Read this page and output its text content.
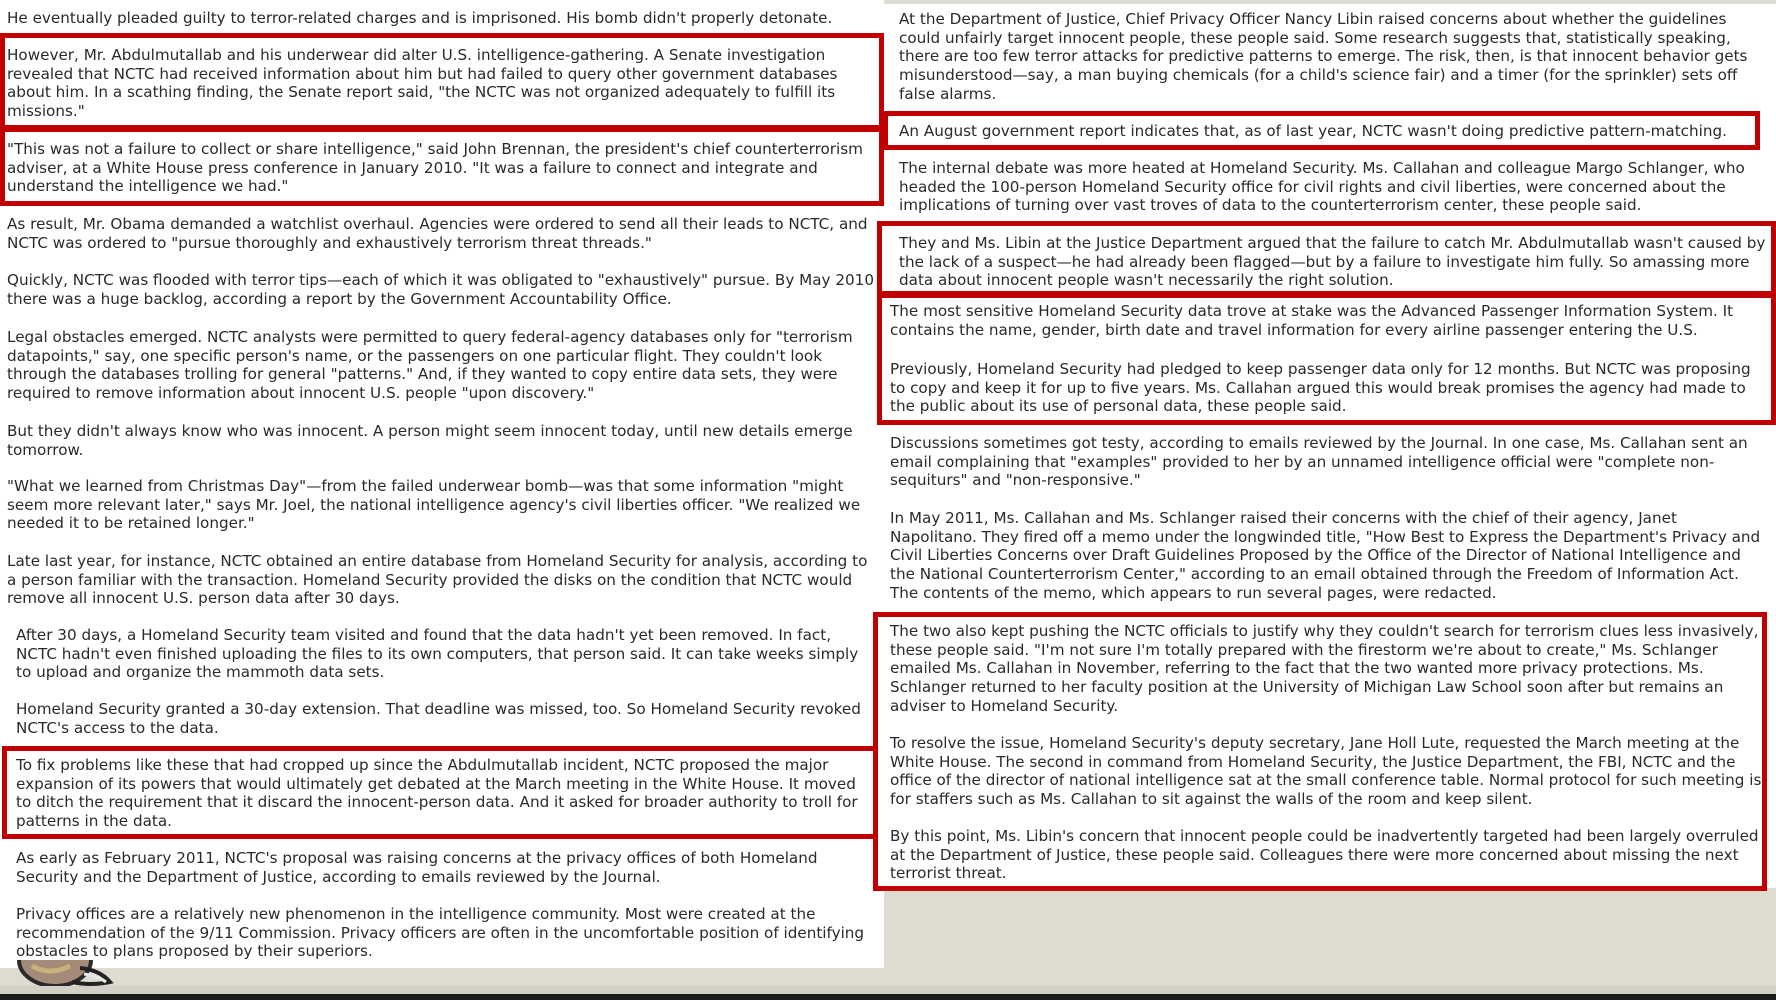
He eventually pleaded guilty to terror-related charges and is imprisoned. His bomb didn't properly detonate.

However, Mr. Abdulmutallab and his underwear did alter U.S. intelligence-gathering. A Senate investigation revealed that NCTC had received information about him but had failed to query other government databases about him. In a scathing finding, the Senate report said, "the NCTC was not organized adequately to fulfill its missions."

"This was not a failure to collect or share intelligence," said John Brennan, the president's chief counterterrorism adviser, at a White House press conference in January 2010. "It was a failure to connect and integrate and understand the intelligence we had."

As result, Mr. Obama demanded a watchlist overhaul. Agencies were ordered to send all their leads to NCTC, and NCTC was ordered to "pursue thoroughly and exhaustively terrorism threat threads."

Quickly, NCTC was flooded with terror tips—each of which it was obligated to "exhaustively" pursue. By May 2010 there was a huge backlog, according a report by the Government Accountability Office.

Legal obstacles emerged. NCTC analysts were permitted to query federal-agency databases only for "terrorism datapoints," say, one specific person's name, or the passengers on one particular flight. They couldn't look through the databases trolling for general "patterns." And, if they wanted to copy entire data sets, they were required to remove information about innocent U.S. people "upon discovery."

But they didn't always know who was innocent. A person might seem innocent today, until new details emerge tomorrow.

"What we learned from Christmas Day"—from the failed underwear bomb—was that some information "might seem more relevant later," says Mr. Joel, the national intelligence agency's civil liberties officer. "We realized we needed it to be retained longer."

Late last year, for instance, NCTC obtained an entire database from Homeland Security for analysis, according to a person familiar with the transaction. Homeland Security provided the disks on the condition that NCTC would remove all innocent U.S. person data after 30 days.

After 30 days, a Homeland Security team visited and found that the data hadn't yet been removed. In fact, NCTC hadn't even finished uploading the files to its own computers, that person said. It can take weeks simply to upload and organize the mammoth data sets.

Homeland Security granted a 30-day extension. That deadline was missed, too. So Homeland Security revoked NCTC's access to the data.

To fix problems like these that had cropped up since the Abdulmutallab incident, NCTC proposed the major expansion of its powers that would ultimately get debated at the March meeting in the White House. It moved to ditch the requirement that it discard the innocent-person data. And it asked for broader authority to troll for patterns in the data.

As early as February 2011, NCTC's proposal was raising concerns at the privacy offices of both Homeland Security and the Department of Justice, according to emails reviewed by the Journal.

Privacy offices are a relatively new phenomenon in the intelligence community. Most were created at the recommendation of the 9/11 Commission. Privacy officers are often in the uncomfortable position of identifying obstacles to plans proposed by their superiors.

At the Department of Justice, Chief Privacy Officer Nancy Libin raised concerns about whether the guidelines could unfairly target innocent people, these people said. Some research suggests that, statistically speaking, there are too few terror attacks for predictive patterns to emerge. The risk, then, is that innocent behavior gets misunderstood—say, a man buying chemicals (for a child's science fair) and a timer (for the sprinkler) sets off false alarms.

An August government report indicates that, as of last year, NCTC wasn't doing predictive pattern-matching.

The internal debate was more heated at Homeland Security. Ms. Callahan and colleague Margo Schlanger, who headed the 100-person Homeland Security office for civil rights and civil liberties, were concerned about the implications of turning over vast troves of data to the counterterrorism center, these people said.

They and Ms. Libin at the Justice Department argued that the failure to catch Mr. Abdulmutallab wasn't caused by the lack of a suspect—he had already been flagged—but by a failure to investigate him fully. So amassing more data about innocent people wasn't necessarily the right solution.

The most sensitive Homeland Security data trove at stake was the Advanced Passenger Information System. It contains the name, gender, birth date and travel information for every airline passenger entering the U.S.

Previously, Homeland Security had pledged to keep passenger data only for 12 months. But NCTC was proposing to copy and keep it for up to five years. Ms. Callahan argued this would break promises the agency had made to the public about its use of personal data, these people said.

Discussions sometimes got testy, according to emails reviewed by the Journal. In one case, Ms. Callahan sent an email complaining that "examples" provided to her by an unnamed intelligence official were "complete non-sequiturs" and "non-responsive."

In May 2011, Ms. Callahan and Ms. Schlanger raised their concerns with the chief of their agency, Janet Napolitano. They fired off a memo under the longwinded title, "How Best to Express the Department's Privacy and Civil Liberties Concerns over Draft Guidelines Proposed by the Office of the Director of National Intelligence and the National Counterterrorism Center," according to an email obtained through the Freedom of Information Act. The contents of the memo, which appears to run several pages, were redacted.

The two also kept pushing the NCTC officials to justify why they couldn't search for terrorism clues less invasively, these people said. "I'm not sure I'm totally prepared with the firestorm we're about to create," Ms. Schlanger emailed Ms. Callahan in November, referring to the fact that the two wanted more privacy protections. Ms. Schlanger returned to her faculty position at the University of Michigan Law School soon after but remains an adviser to Homeland Security.

To resolve the issue, Homeland Security's deputy secretary, Jane Holl Lute, requested the March meeting at the White House. The second in command from Homeland Security, the Justice Department, the FBI, NCTC and the office of the director of national intelligence sat at the small conference table. Normal protocol for such meeting is for staffers such as Ms. Callahan to sit against the walls of the room and keep silent.

By this point, Ms. Libin's concern that innocent people could be inadvertently targeted had been largely overruled at the Department of Justice, these people said. Colleagues there were more concerned about missing the next terrorist threat.
